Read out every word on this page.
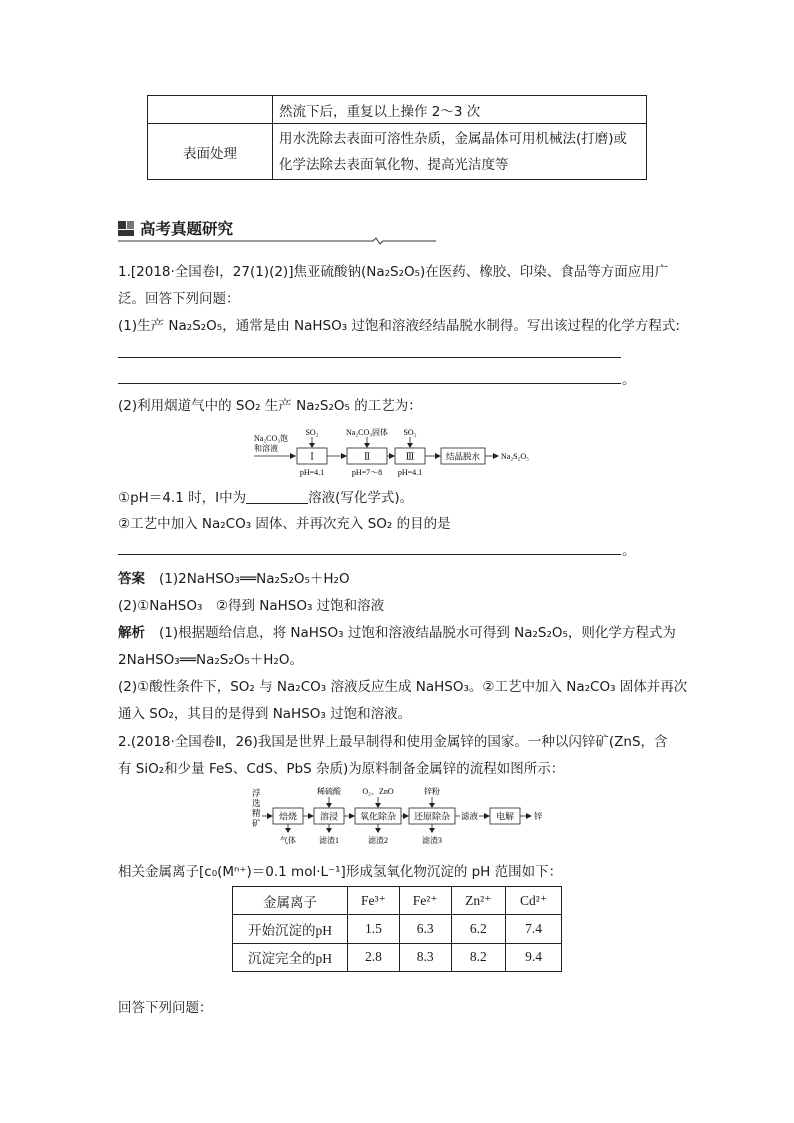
	然流下后，重复以上操作 2～3 次
表面处理	用水洗除去表面可溶性杂质，金属晶体可用机械法(打磨)或
化学法除去表面氧化物、提高光洁度等
高考真题研究
1.[2018·全国卷Ⅰ，27(1)(2)]焦亚硫酸钠(Na₂S₂O₅)在医药、橡胶、印染、食品等方面应用广
泛。回答下列问题：
(1)生产 Na₂S₂O₅，通常是由 NaHSO₃ 过饱和溶液经结晶脱水制得。写出该过程的化学方程式:
。
(2)利用烟道气中的 SO₂ 生产 Na₂S₂O₅ 的工艺为：
Na₂CO₃饱
和溶液
Ⅰ
SO₂
Ⅱ
Na₂CO₃固体
Ⅲ
SO₂
结晶脱水	Na₂S₂O₅
pH=4.1	pH=7～8 pH=4.1
①pH＝4.1 时，Ⅰ中为	溶液(写化学式)。
②工艺中加入 Na₂CO₃ 固体、并再次充入 SO₂ 的目的是
。
答案 (1)2NaHSO₃══Na₂S₂O₅＋H₂O
(2)①NaHSO₃　②得到 NaHSO₃ 过饱和溶液
解析 (1)根据题给信息，将 NaHSO₃ 过饱和溶液结晶脱水可得到 Na₂S₂O₅，则化学方程式为
2NaHSO₃══Na₂S₂O₅＋H₂O。
(2)①酸性条件下，SO₂ 与 Na₂CO₃ 溶液反应生成 NaHSO₃。②工艺中加入 Na₂CO₃ 固体并再次
通入 SO₂，其目的是得到 NaHSO₃ 过饱和溶液。
2.(2018·全国卷Ⅱ，26)我国是世界上最早制得和使用金属锌的国家。一种以闪锌矿(ZnS，含
有 SiO₂和少量 FeS、CdS、PbS 杂质)为原料制备金属锌的流程如图所示：
浮
选
精
矿
焙烧
气体
溶浸
稀硫酸
滤渣1
氧化除杂
O₂、ZnO
滤渣2
还原除杂
锌粉
滤渣3
滤液 电解 锌
相关金属离子[c₀(Mⁿ⁺)＝0.1 mol·L⁻¹]形成氢氧化物沉淀的 pH 范围如下：
金属离子	Fe³⁺	Fe²⁺	Zn²⁺	Cd²⁺
开始沉淀的pH	1.5	6.3	6.2	7.4
沉淀完全的pH	2.8	8.3	8.2	9.4
回答下列问题：
